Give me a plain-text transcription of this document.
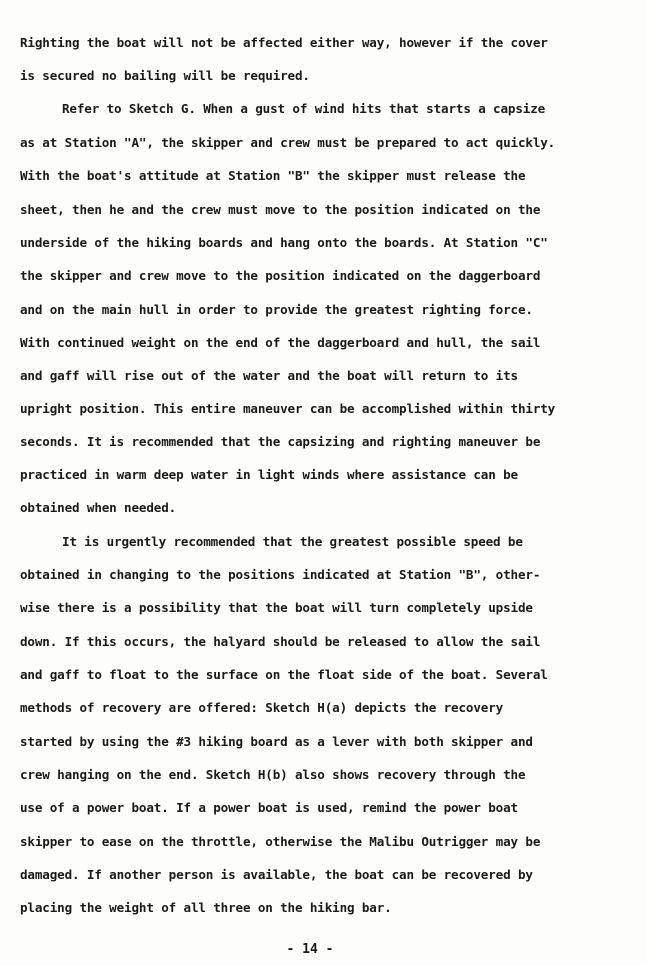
Righting the boat will not be affected either way, however if the cover
is secured no bailing will be required.
Refer to Sketch G. When a gust of wind hits that starts a capsize
as at Station "A", the skipper and crew must be prepared to act quickly.
With the boat's attitude at Station "B" the skipper must release the
sheet, then he and the crew must move to the position indicated on the
underside of the hiking boards and hang onto the boards. At Station "C"
the skipper and crew move to the position indicated on the daggerboard
and on the main hull in order to provide the greatest righting force.
With continued weight on the end of the daggerboard and hull, the sail
and gaff will rise out of the water and the boat will return to its
upright position. This entire maneuver can be accomplished within thirty
seconds. It is recommended that the capsizing and righting maneuver be
practiced in warm deep water in light winds where assistance can be
obtained when needed.
It is urgently recommended that the greatest possible speed be
obtained in changing to the positions indicated at Station "B", other-
wise there is a possibility that the boat will turn completely upside
down. If this occurs, the halyard should be released to allow the sail
and gaff to float to the surface on the float side of the boat. Several
methods of recovery are offered: Sketch H(a) depicts the recovery
started by using the #3 hiking board as a lever with both skipper and
crew hanging on the end. Sketch H(b) also shows recovery through the
use of a power boat. If a power boat is used, remind the power boat
skipper to ease on the throttle, otherwise the Malibu Outrigger may be
damaged. If another person is available, the boat can be recovered by
placing the weight of all three on the hiking bar.
- 14 -
